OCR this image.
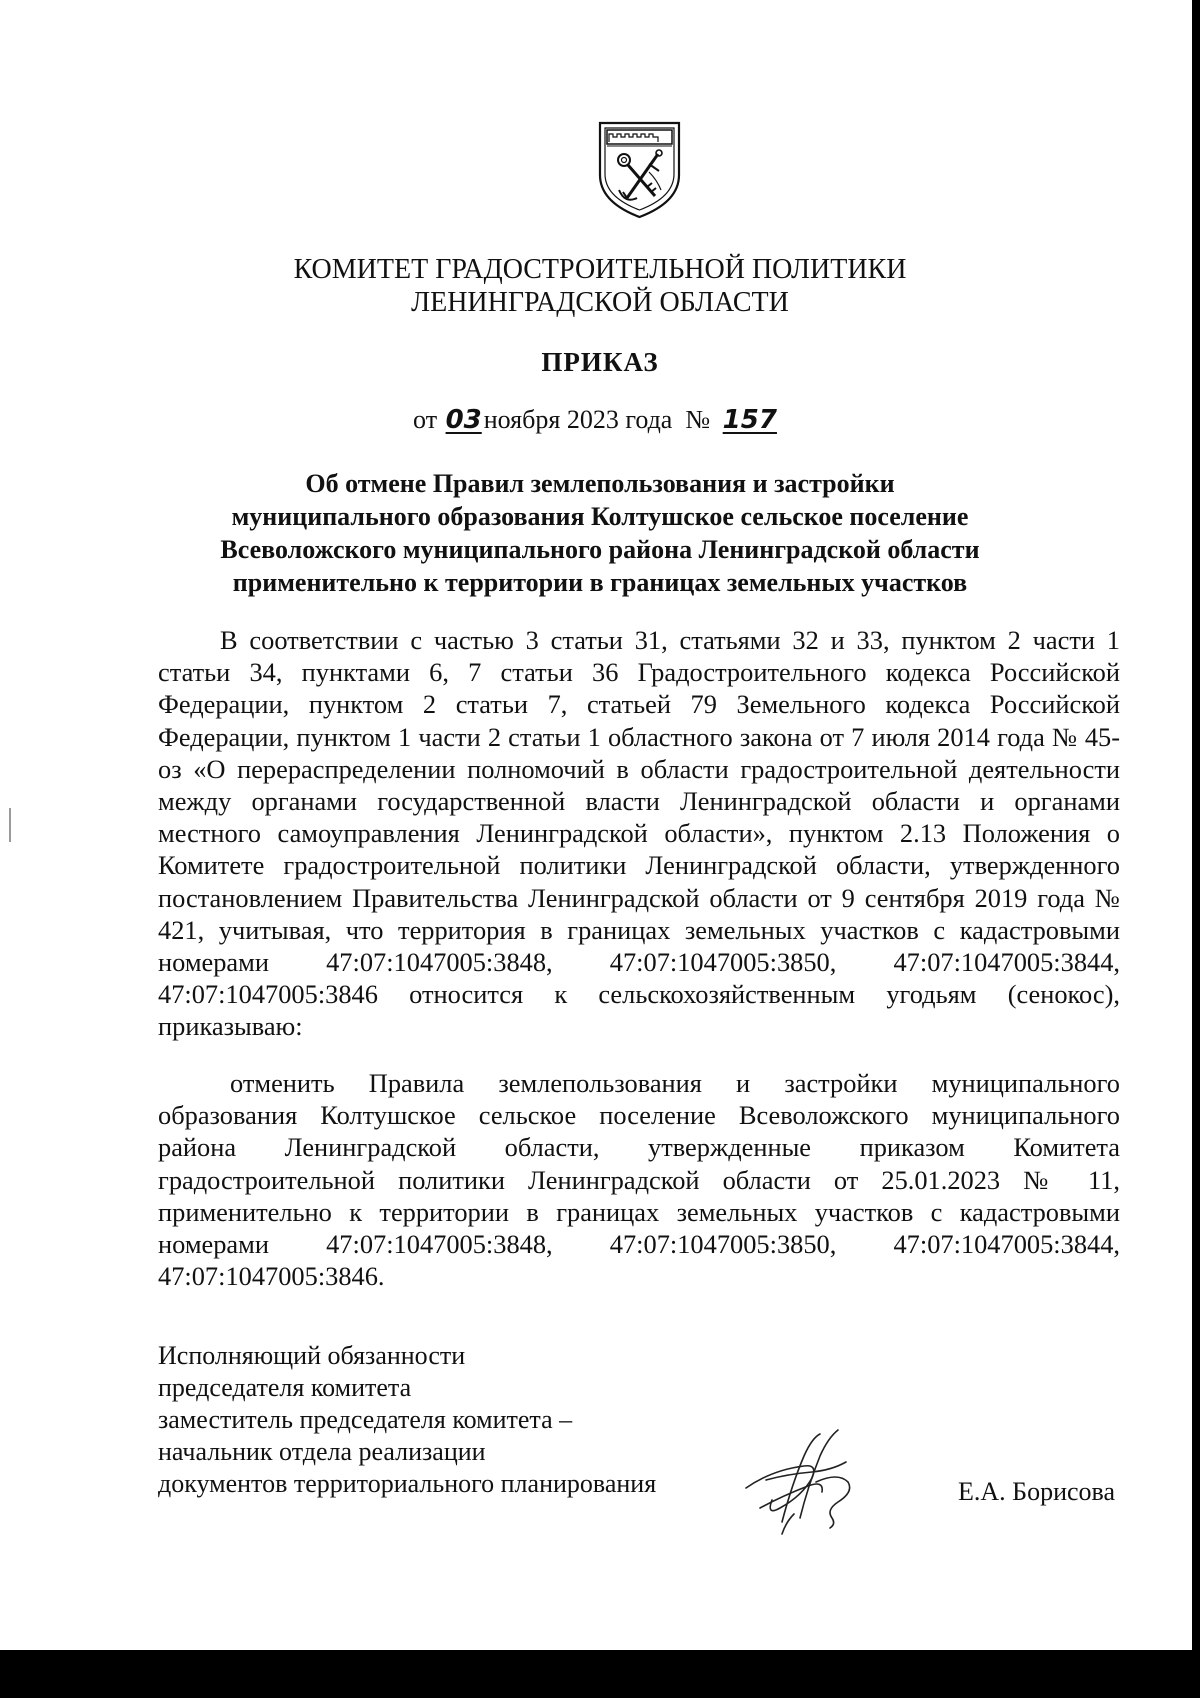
КОМИТЕТ ГРАДОСТРОИТЕЛЬНОЙ ПОЛИТИКИ
ЛЕНИНГРАДСКОЙ ОБЛАСТИ
ПРИКАЗ
от 03ноября 2023 года № 157
Об отмене Правил землепользования и застройки
муниципального образования Колтушское сельское поселение
Всеволожского муниципального района Ленинградской области
применительно к территории в границах земельных участков

В соответствии с частью 3 статьи 31, статьями 32 и 33, пунктом 2 части 1 статьи 34, пунктами 6, 7 статьи 36 Градостроительного кодекса Российской Федерации, пунктом 2 статьи 7, статьей 79 Земельного кодекса Российской Федерации, пунктом 1 части 2 статьи 1 областного закона от 7 июля 2014 года № 45-оз «О перераспределении полномочий в области градостроительной деятельности между органами государственной власти Ленинградской области и органами местного самоуправления Ленинградской области», пунктом 2.13 Положения о Комитете градостроительной политики Ленинградской области, утвержденного постановлением Правительства Ленинградской области от 9 сентября 2019 года № 421, учитывая, что территория в границах земельных участков с кадастровыми номерами 47:07:1047005:3848, 47:07:1047005:3850, 47:07:1047005:3844, 47:07:1047005:3846 относится к сельскохозяйственным угодьям (сенокос), приказываю:

отменить Правила землепользования и застройки муниципального образования Колтушское сельское поселение Всеволожского муниципального района Ленинградской области, утвержденные приказом Комитета градостроительной политики Ленинградской области от 25.01.2023 № 11, применительно к территории в границах земельных участков с кадастровыми номерами 47:07:1047005:3848, 47:07:1047005:3850, 47:07:1047005:3844, 47:07:1047005:3846.

Исполняющий обязанности
председателя комитета
заместитель председателя комитета –
начальник отдела реализации
документов территориального планирования	Е.А. Борисова
